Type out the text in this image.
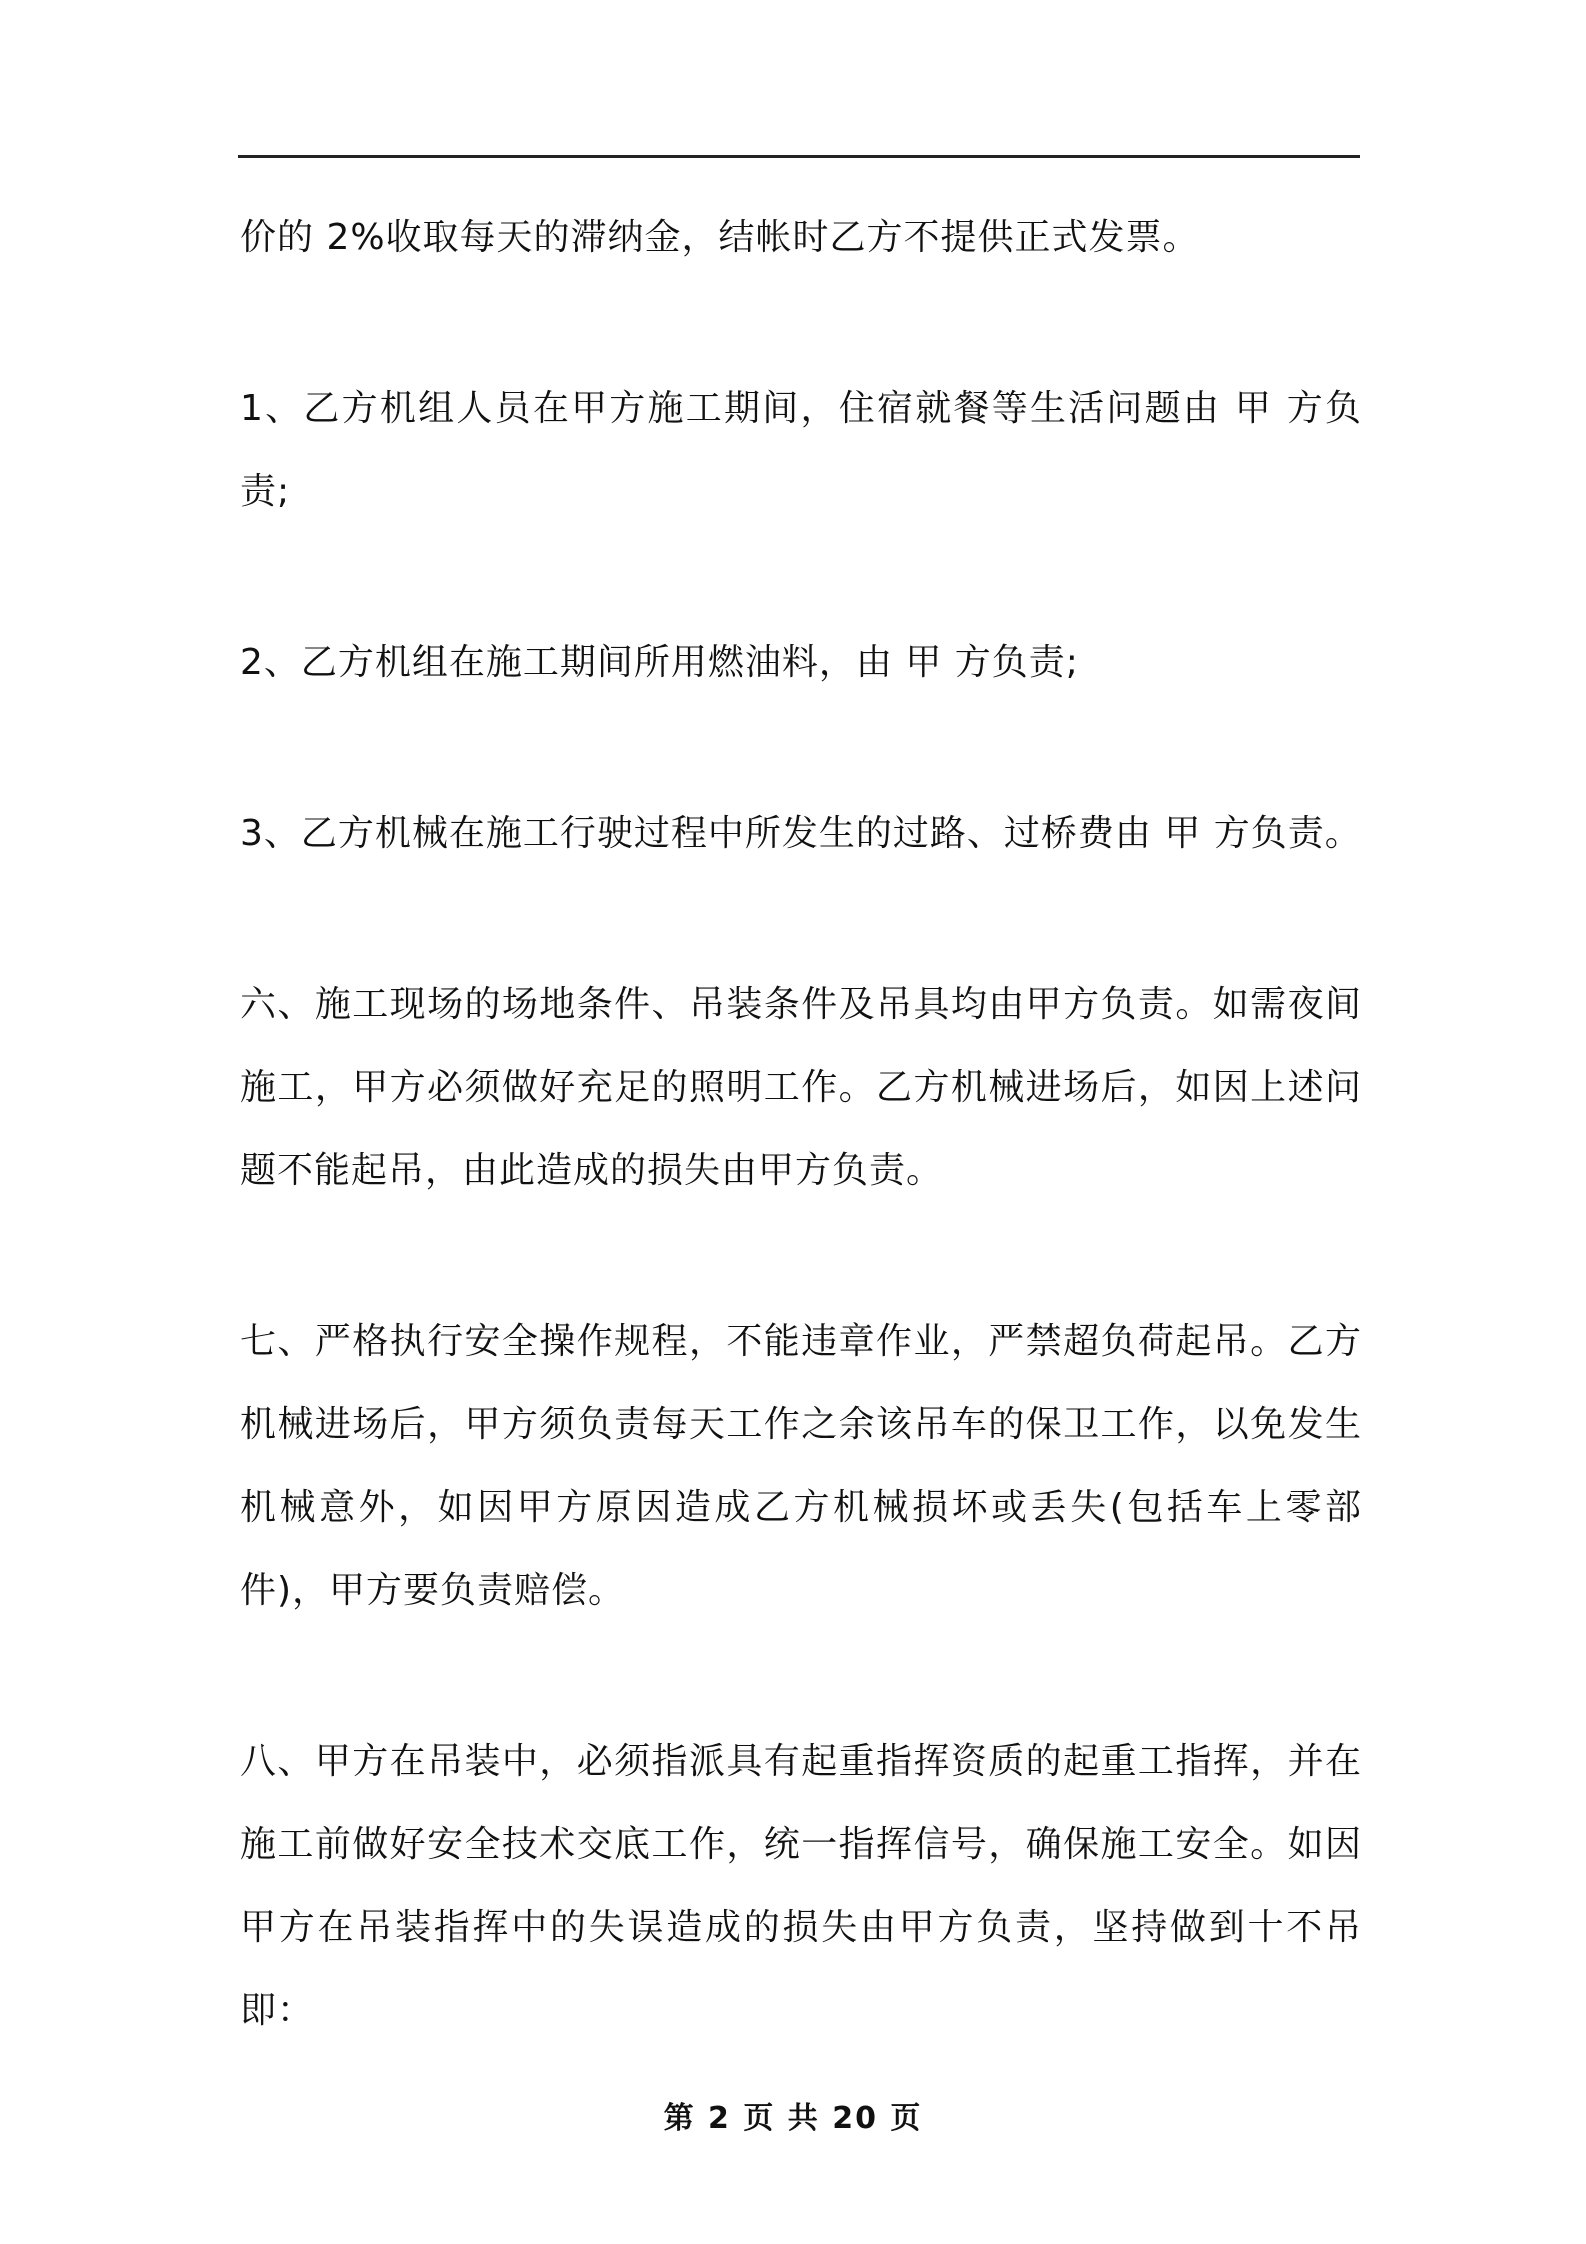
价的 2%收取每天的滞纳金，结帐时乙方不提供正式发票。

1、乙方机组人员在甲方施工期间，住宿就餐等生活问题由 甲 方负责;

2、乙方机组在施工期间所用燃油料，由 甲 方负责;

3、乙方机械在施工行驶过程中所发生的过路、过桥费由 甲 方负责。

六、施工现场的场地条件、吊装条件及吊具均由甲方负责。如需夜间施工，甲方必须做好充足的照明工作。乙方机械进场后，如因上述问题不能起吊，由此造成的损失由甲方负责。

七、严格执行安全操作规程，不能违章作业，严禁超负荷起吊。乙方机械进场后，甲方须负责每天工作之余该吊车的保卫工作，以免发生机械意外，如因甲方原因造成乙方机械损坏或丢失(包括车上零部件)，甲方要负责赔偿。

八、甲方在吊装中，必须指派具有起重指挥资质的起重工指挥，并在施工前做好安全技术交底工作，统一指挥信号，确保施工安全。如因甲方在吊装指挥中的失误造成的损失由甲方负责，坚持做到十不吊即：

第 2 页 共 20 页
